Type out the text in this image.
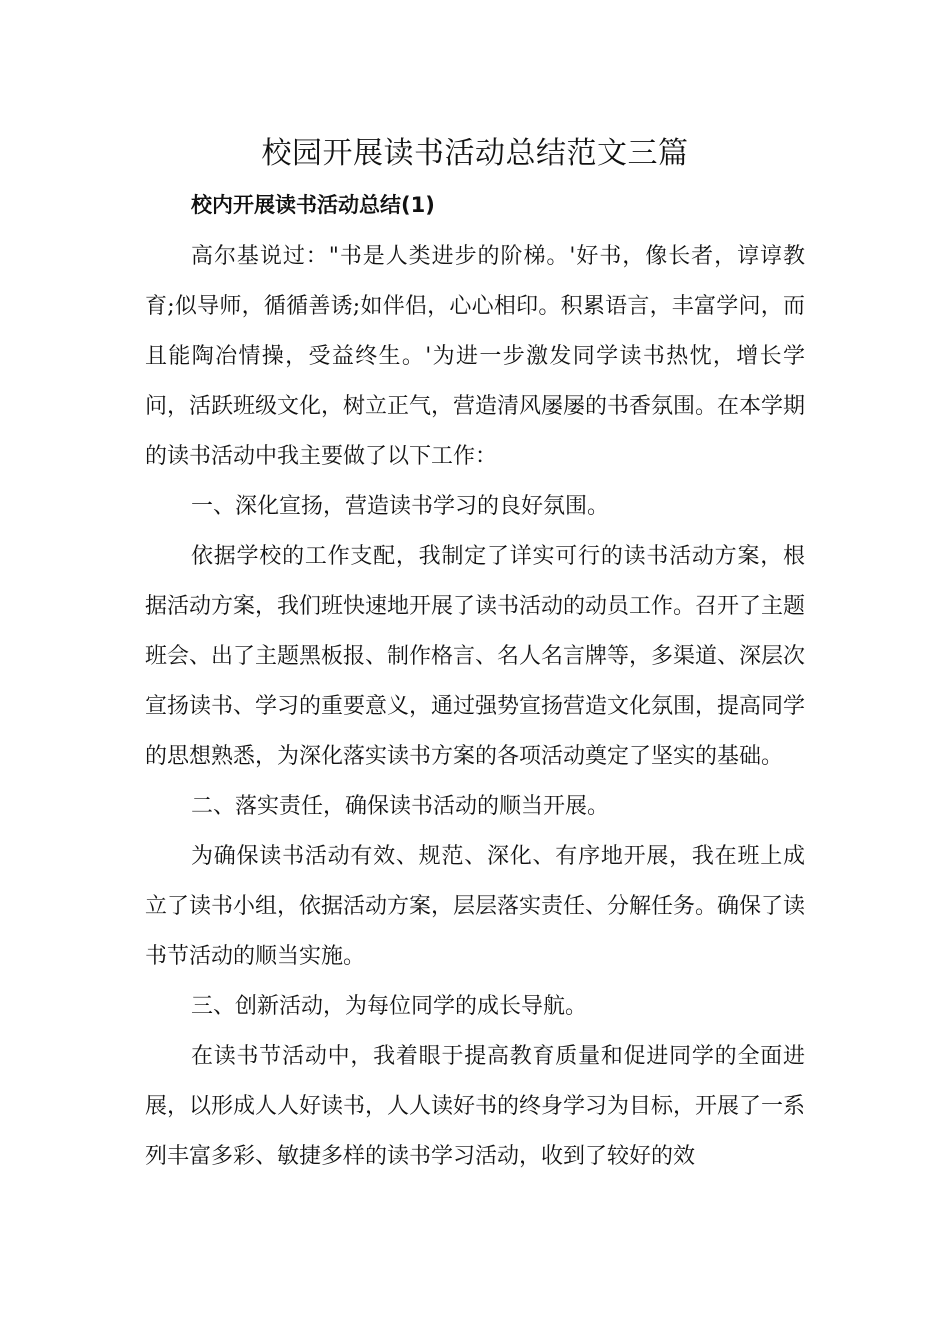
校园开展读书活动总结范文三篇
校内开展读书活动总结(1)

高尔基说过："书是人类进步的阶梯。'好书，像长者，谆谆教育;似导师，循循善诱;如伴侣，心心相印。积累语言，丰富学问，而且能陶冶情操，受益终生。'为进一步激发同学读书热忱，增长学问，活跃班级文化，树立正气，营造清风屡屡的书香氛围。在本学期的读书活动中我主要做了以下工作：

一、深化宣扬，营造读书学习的良好氛围。

依据学校的工作支配，我制定了详实可行的读书活动方案，根据活动方案，我们班快速地开展了读书活动的动员工作。召开了主题班会、出了主题黑板报、制作格言、名人名言牌等，多渠道、深层次宣扬读书、学习的重要意义，通过强势宣扬营造文化氛围，提高同学的思想熟悉，为深化落实读书方案的各项活动奠定了坚实的基础。

二、落实责任，确保读书活动的顺当开展。

为确保读书活动有效、规范、深化、有序地开展，我在班上成立了读书小组，依据活动方案，层层落实责任、分解任务。确保了读书节活动的顺当实施。

三、创新活动，为每位同学的成长导航。

在读书节活动中，我着眼于提高教育质量和促进同学的全面进展，以形成人人好读书，人人读好书的终身学习为目标，开展了一系列丰富多彩、敏捷多样的读书学习活动，收到了较好的效
